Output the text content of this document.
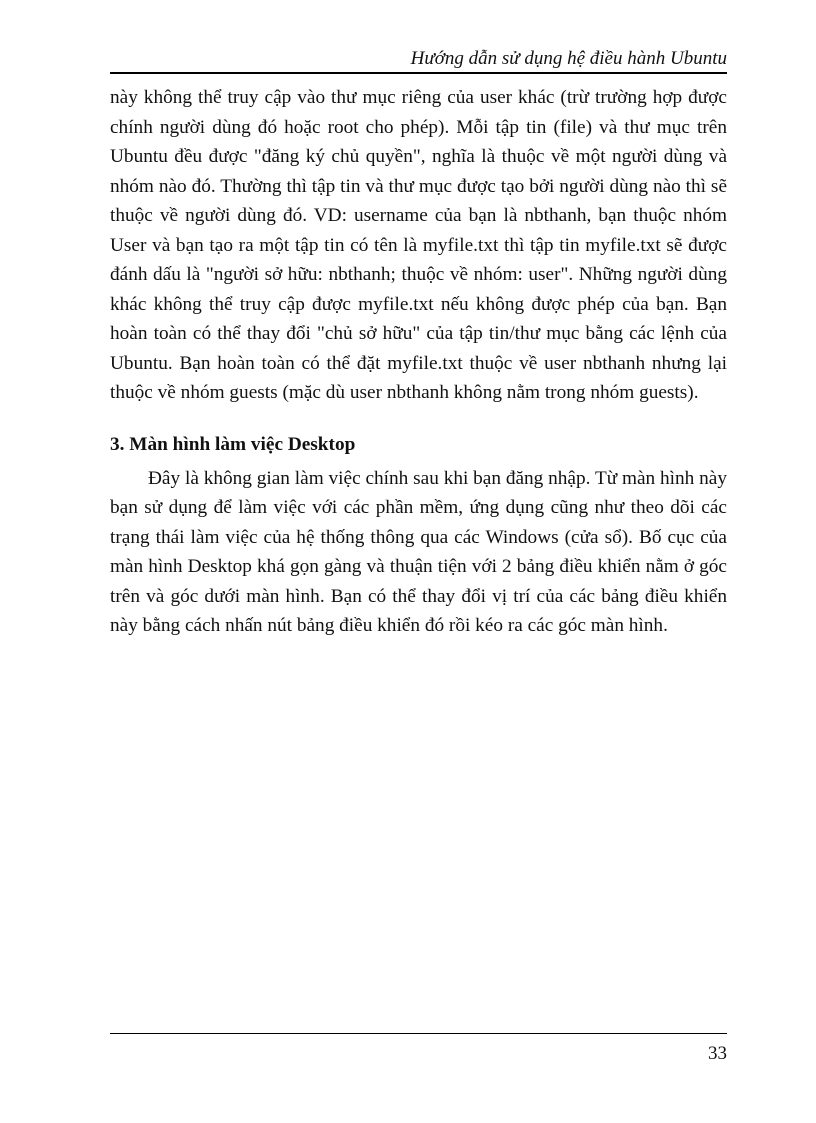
Hướng dẫn sử dụng hệ điều hành Ubuntu

này không thể truy cập vào thư mục riêng của user khác (trừ trường hợp được chính người dùng đó hoặc root cho phép). Mỗi tập tin (file) và thư mục trên Ubuntu đều được "đăng ký chủ quyền", nghĩa là thuộc về một người dùng và nhóm nào đó. Thường thì tập tin và thư mục được tạo bởi người dùng nào thì sẽ thuộc về người dùng đó. VD: username của bạn là nbthanh, bạn thuộc nhóm User và bạn tạo ra một tập tin có tên là myfile.txt thì tập tin myfile.txt sẽ được đánh dấu là "người sở hữu: nbthanh; thuộc về nhóm: user". Những người dùng khác không thể truy cập được myfile.txt nếu không được phép của bạn. Bạn hoàn toàn có thể thay đổi "chủ sở hữu" của tập tin/thư mục bằng các lệnh của Ubuntu. Bạn hoàn toàn có thể đặt myfile.txt thuộc về user nbthanh nhưng lại thuộc về nhóm guests (mặc dù user nbthanh không nằm trong nhóm guests).

3. Màn hình làm việc Desktop

Đây là không gian làm việc chính sau khi bạn đăng nhập. Từ màn hình này bạn sử dụng để làm việc với các phần mềm, ứng dụng cũng như theo dõi các trạng thái làm việc của hệ thống thông qua các Windows (cửa sổ). Bố cục của màn hình Desktop khá gọn gàng và thuận tiện với 2 bảng điều khiển nằm ở góc trên và góc dưới màn hình. Bạn có thể thay đổi vị trí của các bảng điều khiển này bằng cách nhấn nút bảng điều khiển đó rồi kéo ra các góc màn hình.

33
